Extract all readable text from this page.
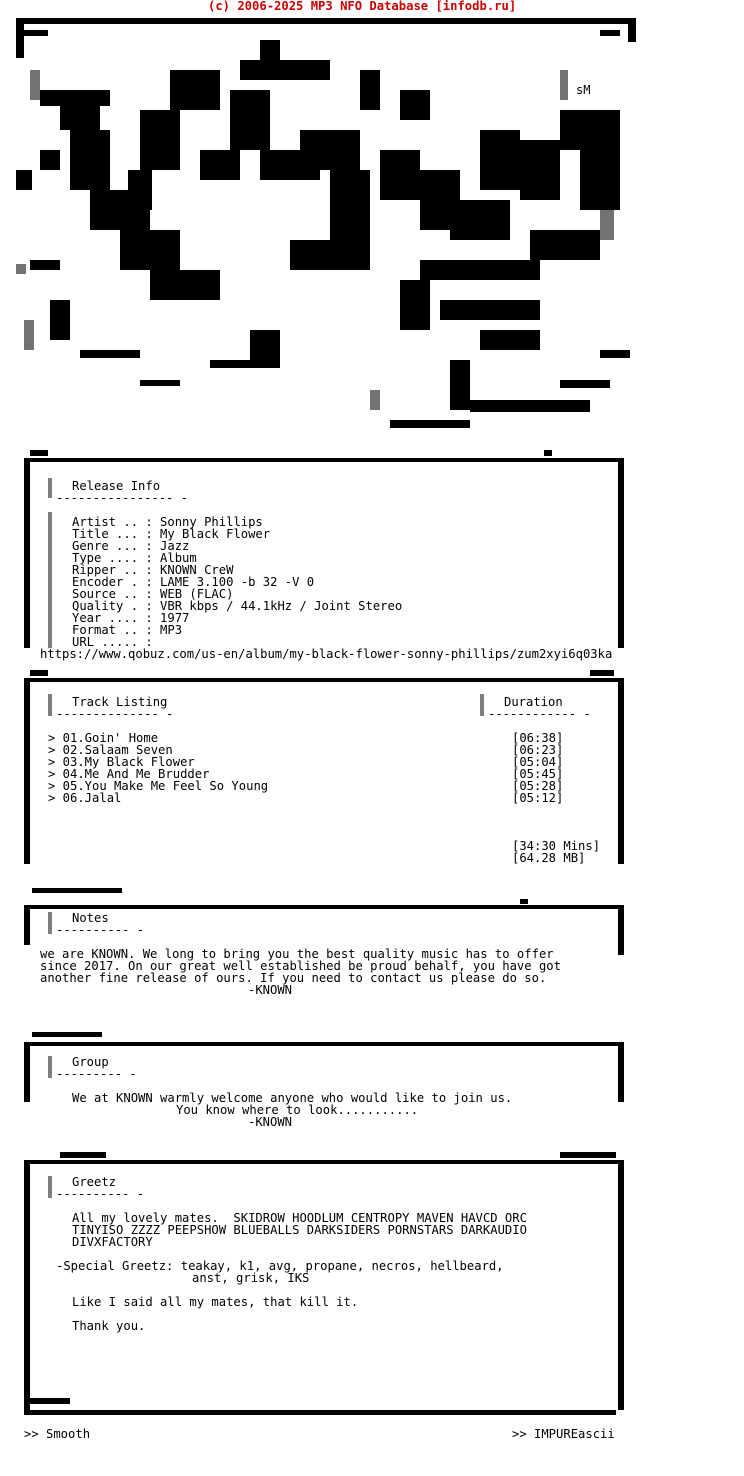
(c) 2006-2025 MP3 NFO Database [infodb.ru]
sM
Release Info
---------------- -
Artist .. : Sonny Phillips
Title ... : My Black Flower
Genre ... : Jazz
Type .... : Album
Ripper .. : KNOWN CreW
Encoder . : LAME 3.100 -b 32 -V 0
Source .. : WEB (FLAC)
Quality . : VBR kbps / 44.1kHz / Joint Stereo
Year .... : 1977
Format .. : MP3
URL ..... :
https://www.qobuz.com/us-en/album/my-black-flower-sonny-phillips/zum2xyi6q03ka
Track Listing
-------------- -
Duration
------------ -
> 01.Goin' Home	[06:38]
> 02.Salaam Seven	[06:23]
> 03.My Black Flower	[05:04]
> 04.Me And Me Brudder	[05:45]
> 05.You Make Me Feel So Young	[05:28]
> 06.Jalal	[05:12]
[34:30 Mins]
[64.28 MB]
Notes
---------- -
we are KNOWN. We long to bring you the best quality music has to offer
since 2017. On our great well established be proud behalf, you have got
another fine release of ours. If you need to contact us please do so.
-KNOWN
Group
--------- -
We at KNOWN warmly welcome anyone who would like to join us.
You know where to look...........
-KNOWN
Greetz
---------- -
All my lovely mates.  SKIDROW HOODLUM CENTROPY MAVEN HAVCD ORC
TINYISO ZZZZ PEEPSHOW BLUEBALLS DARKSIDERS PORNSTARS DARKAUDIO
DIVXFACTORY
-Special Greetz: teakay, k1, avg, propane, necros, hellbeard,
anst, grisk, IKS
Like I said all my mates, that kill it.
Thank you.
>> Smooth	>> IMPUREascii
